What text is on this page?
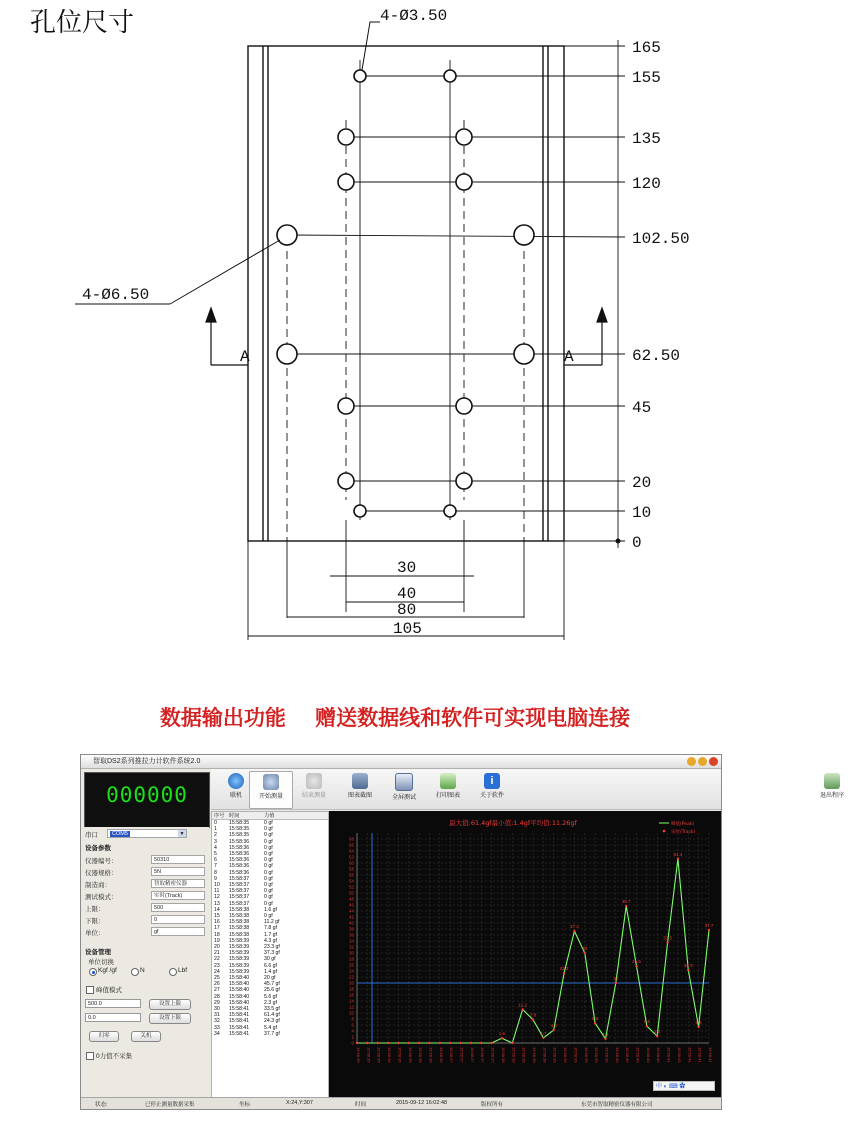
孔位尺寸	4-Ø3.50
4-Ø6.50
A	A
165
155
135
120
102.50
62.50
45
20
10
0
30
40
80
105
数据输出功能    赠送数据线和软件可实现电脑连接
智取DS2系列推拉力计软件系统2.0
000000	联机	开始测量	结束测量	图表截图	全屏测试	打印图表
i
关于软件	退出程序
串口	COM5	▼
设备参数
仪器编号：	50310
仪器规格：	5N
制造商：	智取精密仪器
测试模式：	实时(Track)
上限：	500
下限：	0
单位：	gf
设备管理
单位切换
Kgf /gf	N	Lbf
峰值模式
500.0	设置上限
0.0	设置下限
归零	关机
0力值不采集
序号 时间	力值
0 15:58:35	0 gf
1 15:58:35	0 gf
2 15:58:35	0 gf
3 15:58:36	0 gf
4 15:58:36	0 gf
5 15:58:36	0 gf
6 15:58:36	0 gf
7 15:58:36	0 gf
8 15:58:36	0 gf
9 15:58:37	0 gf
10 15:58:37	0 gf
11 15:58:37	0 gf
12 15:58:37	0 gf
13 15:58:37	0 gf
14 15:58:38	1.6 gf
15 15:58:38	0 gf
16 15:58:38	11.2 gf
17 15:58:38	7.8 gf
18 15:58:38	1.7 gf
19 15:58:39	4.3 gf
20 15:58:39	23.3 gf
21 15:58:39	37.3 gf
22 15:58:39	30 gf
23 15:58:39	6.6 gf
24 15:58:39	1.4 gf
25 15:58:40	20 gf
26 15:58:40	45.7 gf
27 15:58:40	25.6 gf
28 15:58:40	5.6 gf
29 15:58:40	2.3 gf
30 15:58:41	33.5 gf
31 15:58:41	61.4 gf
32 15:58:41	24.3 gf
33 15:58:41	5.4 gf
34 15:58:41	37.7 gf
0
2
4
6
8
10
12
14
16
18
20
22
24
26
28
30
32
34
36
38
40
42
44
46
48
50
52
54
56
58
60
62
64
66
68
1.6
11.2
7.8
1.7
4.3
23.3
37.3
30
6.6
1.4
20
45.7
25.6
5.6
2.3
33.5
61.4
24.3
5.4
37.7
15:58:35 15:58:35 15:58:35 15:58:36 15:58:36 15:58:36 15:58:36 15:58:36 15:58:36 15:58:37 15:58:37 15:58:37 15:58:37 15:58:37 15:58:38 15:58:38 15:58:38 15:58:38 15:58:38 15:58:39 15:58:39 15:58:39 15:58:39 15:58:39 15:58:39 15:58:40 15:58:40 15:58:40 15:58:40 15:58:40 15:58:41 15:58:41 15:58:41 15:58:41 15:58:41
最大值:61.4gf最小值:1.4gf平均值:11.26gf	峰值(Peak)
实时(Track)
中 ◐ ⌨ ✿
状态:	已停止测量数据采集	坐标	X:24,Y:307	时间	2015-09-12 16:02:48	版权所有	东莞市智取精密仪器有限公司
